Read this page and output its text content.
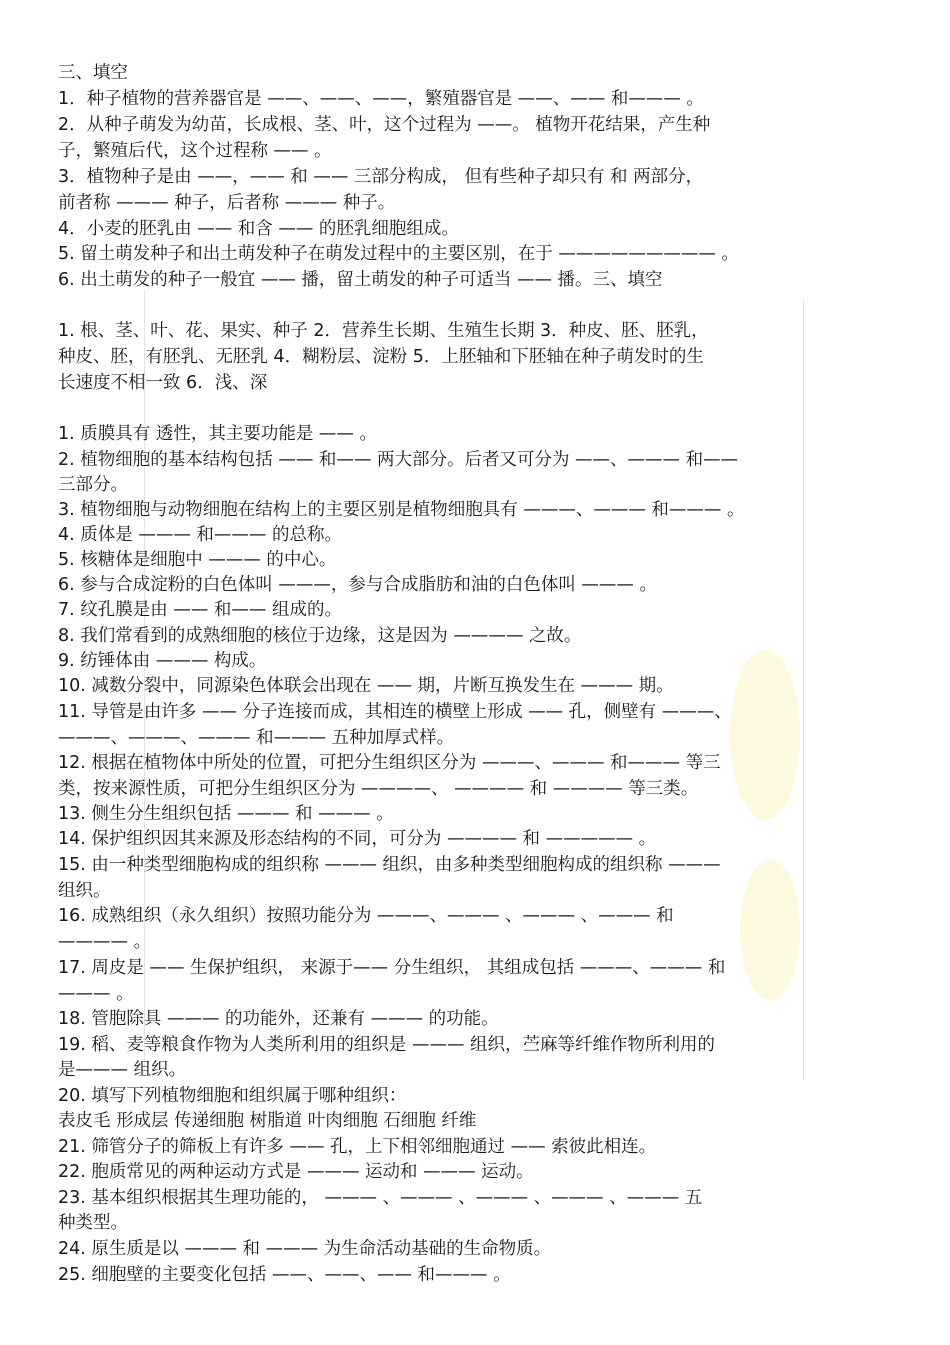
三、填空
1．种子植物的营养器官是 ——、——、——，繁殖器官是 ——、—— 和——— 。
2．从种子萌发为幼苗，长成根、茎、叶，这个过程为 ——。 植物开花结果，产生种
子，繁殖后代，这个过程称 —— 。
3．植物种子是由 ——，—— 和 —— 三部分构成， 但有些种子却只有 和 两部分，
前者称 ——— 种子，后者称 ——— 种子。
4．小麦的胚乳由 —— 和含 —— 的胚乳细胞组成。
5. 留土萌发种子和出土萌发种子在萌发过程中的主要区别，在于 ————————— 。
6. 出土萌发的种子一般宜 —— 播，留土萌发的种子可适当 —— 播。三、填空
1. 根、茎、叶、花、果实、种子 2．营养生长期、生殖生长期 3．种皮、胚、胚乳，
种皮、胚，有胚乳、无胚乳 4．糊粉层、淀粉 5．上胚轴和下胚轴在种子萌发时的生
长速度不相一致 6．浅、深
1. 质膜具有 透性，其主要功能是 —— 。
2. 植物细胞的基本结构包括 —— 和—— 两大部分。后者又可分为 ——、——— 和——
三部分。
3. 植物细胞与动物细胞在结构上的主要区别是植物细胞具有 ———、——— 和——— 。
4. 质体是 ——— 和——— 的总称。
5. 核糖体是细胞中 ——— 的中心。
6. 参与合成淀粉的白色体叫 ———，参与合成脂肪和油的白色体叫 ——— 。
7. 纹孔膜是由 —— 和—— 组成的。
8. 我们常看到的成熟细胞的核位于边缘，这是因为 ———— 之故。
9. 纺锤体由 ——— 构成。
10. 减数分裂中，同源染色体联会出现在 —— 期，片断互换发生在 ——— 期。
11. 导管是由许多 —— 分子连接而成，其相连的横壁上形成 —— 孔，侧壁有 ———、
———、———、——— 和——— 五种加厚式样。
12. 根据在植物体中所处的位置，可把分生组织区分为 ———、——— 和——— 等三
类，按来源性质，可把分生组织区分为 ————、 ———— 和 ———— 等三类。
13. 侧生分生组织包括 ——— 和 ——— 。
14. 保护组织因其来源及形态结构的不同，可分为 ———— 和 ————— 。
15. 由一种类型细胞构成的组织称 ——— 组织，由多种类型细胞构成的组织称 ———
组织。
16. 成熟组织（永久组织）按照功能分为 ———、——— 、——— 、——— 和
———— 。
17. 周皮是 —— 生保护组织， 来源于—— 分生组织， 其组成包括 ———、——— 和
——— 。
18. 管胞除具 ——— 的功能外，还兼有 ——— 的功能。
19. 稻、麦等粮食作物为人类所利用的组织是 ——— 组织，苎麻等纤维作物所利用的
是——— 组织。
20. 填写下列植物细胞和组织属于哪种组织：
表皮毛 形成层 传递细胞 树脂道 叶肉细胞 石细胞 纤维
21. 筛管分子的筛板上有许多 —— 孔，上下相邻细胞通过 —— 索彼此相连。
22. 胞质常见的两种运动方式是 ——— 运动和 ——— 运动。
23. 基本组织根据其生理功能的， ——— 、——— 、——— 、——— 、——— 五
种类型。
24. 原生质是以 ——— 和 ——— 为生命活动基础的生命物质。
25. 细胞壁的主要变化包括 ——、——、—— 和——— 。
